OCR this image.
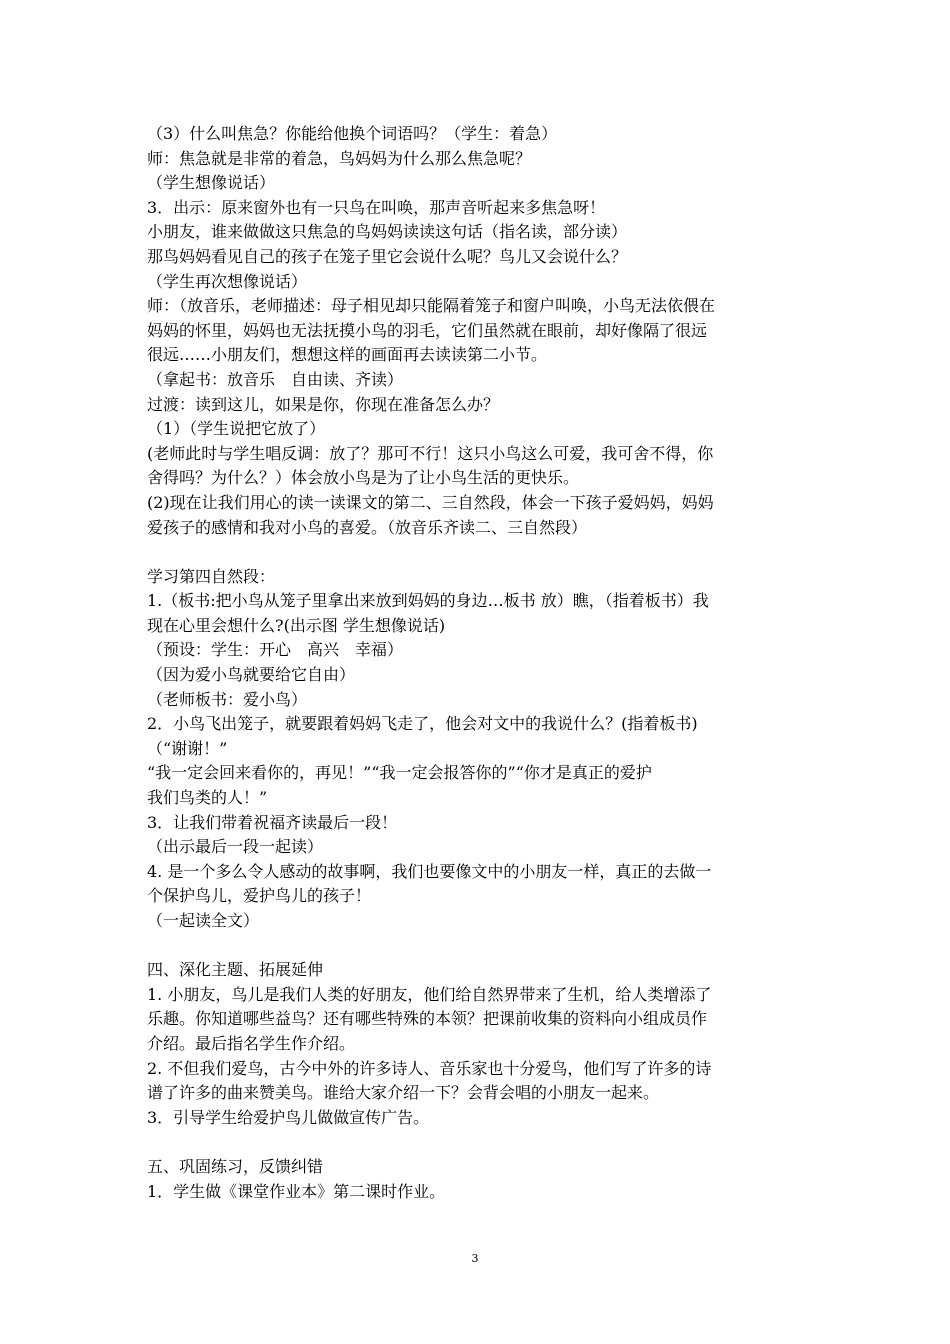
（3）什么叫焦急？你能给他换个词语吗？（学生：着急）
师：焦急就是非常的着急，鸟妈妈为什么那么焦急呢？
（学生想像说话）
3．出示：原来窗外也有一只鸟在叫唤，那声音听起来多焦急呀！
小朋友，谁来做做这只焦急的鸟妈妈读读这句话（指名读，部分读）
那鸟妈妈看见自己的孩子在笼子里它会说什么呢？鸟儿又会说什么？
（学生再次想像说话）
师：（放音乐，老师描述：母子相见却只能隔着笼子和窗户叫唤，小鸟无法依偎在
妈妈的怀里，妈妈也无法抚摸小鸟的羽毛，它们虽然就在眼前，却好像隔了很远
很远……小朋友们，想想这样的画面再去读读第二小节。
（拿起书：放音乐　自由读、齐读）
过渡：读到这儿，如果是你，你现在准备怎么办？
（1）（学生说把它放了）
(老师此时与学生唱反调：放了？那可不行！这只小鸟这么可爱，我可舍不得，你
舍得吗？为什么？）体会放小鸟是为了让小鸟生活的更快乐。
(2)现在让我们用心的读一读课文的第二、三自然段，体会一下孩子爱妈妈，妈妈
爱孩子的感情和我对小鸟的喜爱。（放音乐齐读二、三自然段）
学习第四自然段：
1.（板书:把小鸟从笼子里拿出来放到妈妈的身边…板书 放）瞧，（指着板书）我
现在心里会想什么?(出示图 学生想像说话)
（预设：学生：开心　高兴　幸福）
（因为爱小鸟就要给它自由）
（老师板书：爱小鸟）
2．小鸟飞出笼子，就要跟着妈妈飞走了，他会对文中的我说什么？(指着板书)
（“谢谢！”
“我一定会回来看你的，再见！”“我一定会报答你的”“你才是真正的爱护
我们鸟类的人！”
3．让我们带着祝福齐读最后一段！
（出示最后一段一起读）
4. 是一个多么令人感动的故事啊，我们也要像文中的小朋友一样，真正的去做一
个保护鸟儿，爱护鸟儿的孩子！
（一起读全文）
四、深化主题、拓展延伸
1. 小朋友，鸟儿是我们人类的好朋友，他们给自然界带来了生机，给人类增添了
乐趣。你知道哪些益鸟？还有哪些特殊的本领？把课前收集的资料向小组成员作
介绍。最后指名学生作介绍。
2. 不但我们爱鸟，古今中外的许多诗人、音乐家也十分爱鸟，他们写了许多的诗
谱了许多的曲来赞美鸟。谁给大家介绍一下？会背会唱的小朋友一起来。
3．引导学生给爱护鸟儿做做宣传广告。
五、巩固练习，反馈纠错
1．学生做《课堂作业本》第二课时作业。
3
